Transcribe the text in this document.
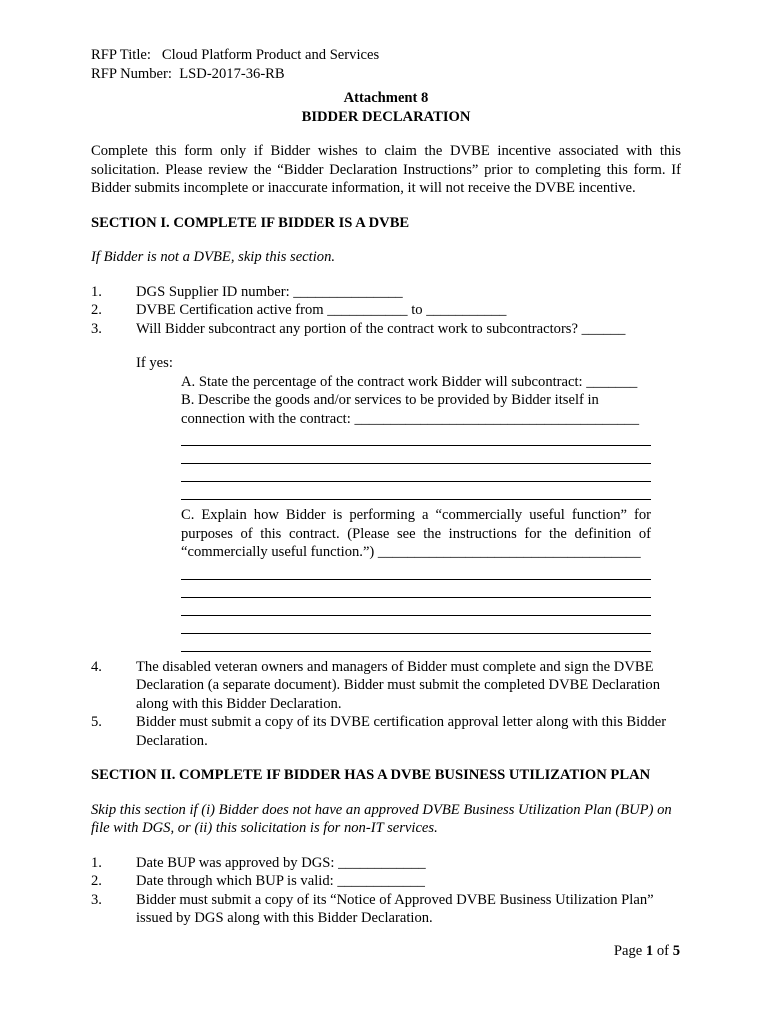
RFP Title: Cloud Platform Product and Services
RFP Number: LSD-2017-36-RB
Attachment 8
BIDDER DECLARATION

Complete this form only if Bidder wishes to claim the DVBE incentive associated with this solicitation. Please review the “Bidder Declaration Instructions” prior to completing this form. If Bidder submits incomplete or inaccurate information, it will not receive the DVBE incentive.

SECTION I. COMPLETE IF BIDDER IS A DVBE
If Bidder is not a DVBE, skip this section.
1.	DGS Supplier ID number: _______________
2.	DVBE Certification active from ___________ to ___________
3.	Will Bidder subcontract any portion of the contract work to subcontractors? ______
If yes:
A. State the percentage of the contract work Bidder will subcontract: _______
B. Describe the goods and/or services to be provided by Bidder itself in connection with the contract: _______________________________________
C. Explain how Bidder is performing a “commercially useful function” for purposes of this contract. (Please see the instructions for the definition of “commercially useful function.”) ____________________________________
4.	The disabled veteran owners and managers of Bidder must complete and sign the DVBE Declaration (a separate document). Bidder must submit the completed DVBE Declaration along with this Bidder Declaration.
5.	Bidder must submit a copy of its DVBE certification approval letter along with this Bidder Declaration.
SECTION II. COMPLETE IF BIDDER HAS A DVBE BUSINESS UTILIZATION PLAN
Skip this section if (i) Bidder does not have an approved DVBE Business Utilization Plan (BUP) on file with DGS, or (ii) this solicitation is for non-IT services.
1.	Date BUP was approved by DGS: ____________
2.	Date through which BUP is valid: ____________
3.	Bidder must submit a copy of its “Notice of Approved DVBE Business Utilization Plan” issued by DGS along with this Bidder Declaration.
Page 1 of 5
